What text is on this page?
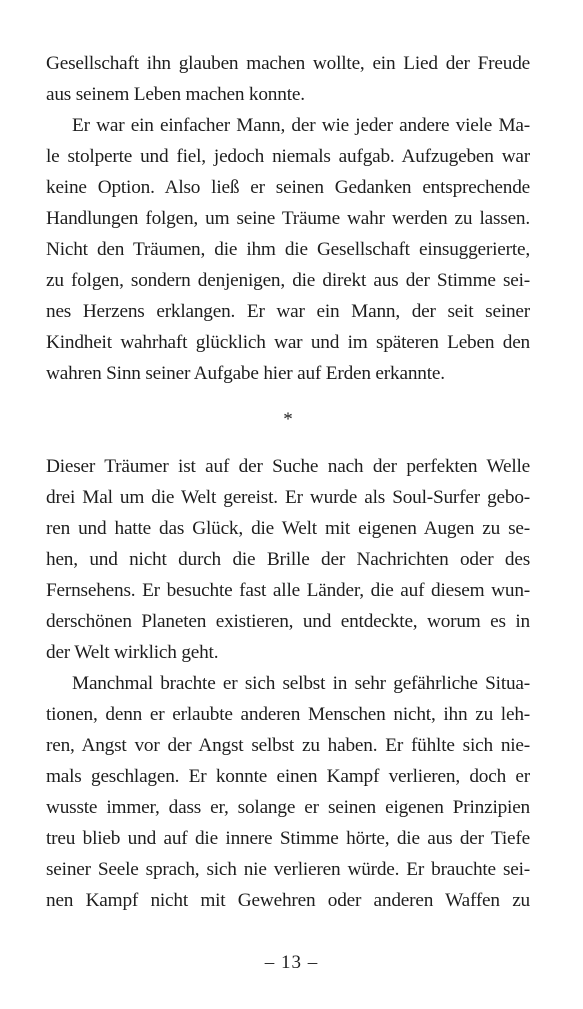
Gesellschaft ihn glauben machen wollte, ein Lied der Freude
aus seinem Leben machen konnte.
Er war ein einfacher Mann, der wie jeder andere viele Ma-
le stolperte und fiel, jedoch niemals aufgab. Aufzugeben war
keine Option. Also ließ er seinen Gedanken entsprechende
Handlungen folgen, um seine Träume wahr werden zu lassen.
Nicht den Träumen, die ihm die Gesellschaft einsuggerierte,
zu folgen, sondern denjenigen, die direkt aus der Stimme sei-
nes Herzens erklangen. Er war ein Mann, der seit seiner
Kindheit wahrhaft glücklich war und im späteren Leben den
wahren Sinn seiner Aufgabe hier auf Erden erkannte.
*
Dieser Träumer ist auf der Suche nach der perfekten Welle
drei Mal um die Welt gereist. Er wurde als Soul-Surfer gebo-
ren und hatte das Glück, die Welt mit eigenen Augen zu se-
hen, und nicht durch die Brille der Nachrichten oder des
Fernsehens. Er besuchte fast alle Länder, die auf diesem wun-
derschönen Planeten existieren, und entdeckte, worum es in
der Welt wirklich geht.
Manchmal brachte er sich selbst in sehr gefährliche Situa-
tionen, denn er erlaubte anderen Menschen nicht, ihn zu leh-
ren, Angst vor der Angst selbst zu haben. Er fühlte sich nie-
mals geschlagen. Er konnte einen Kampf verlieren, doch er
wusste immer, dass er, solange er seinen eigenen Prinzipien
treu blieb und auf die innere Stimme hörte, die aus der Tiefe
seiner Seele sprach, sich nie verlieren würde. Er brauchte sei-
nen Kampf nicht mit Gewehren oder anderen Waffen zu
– 13 –
